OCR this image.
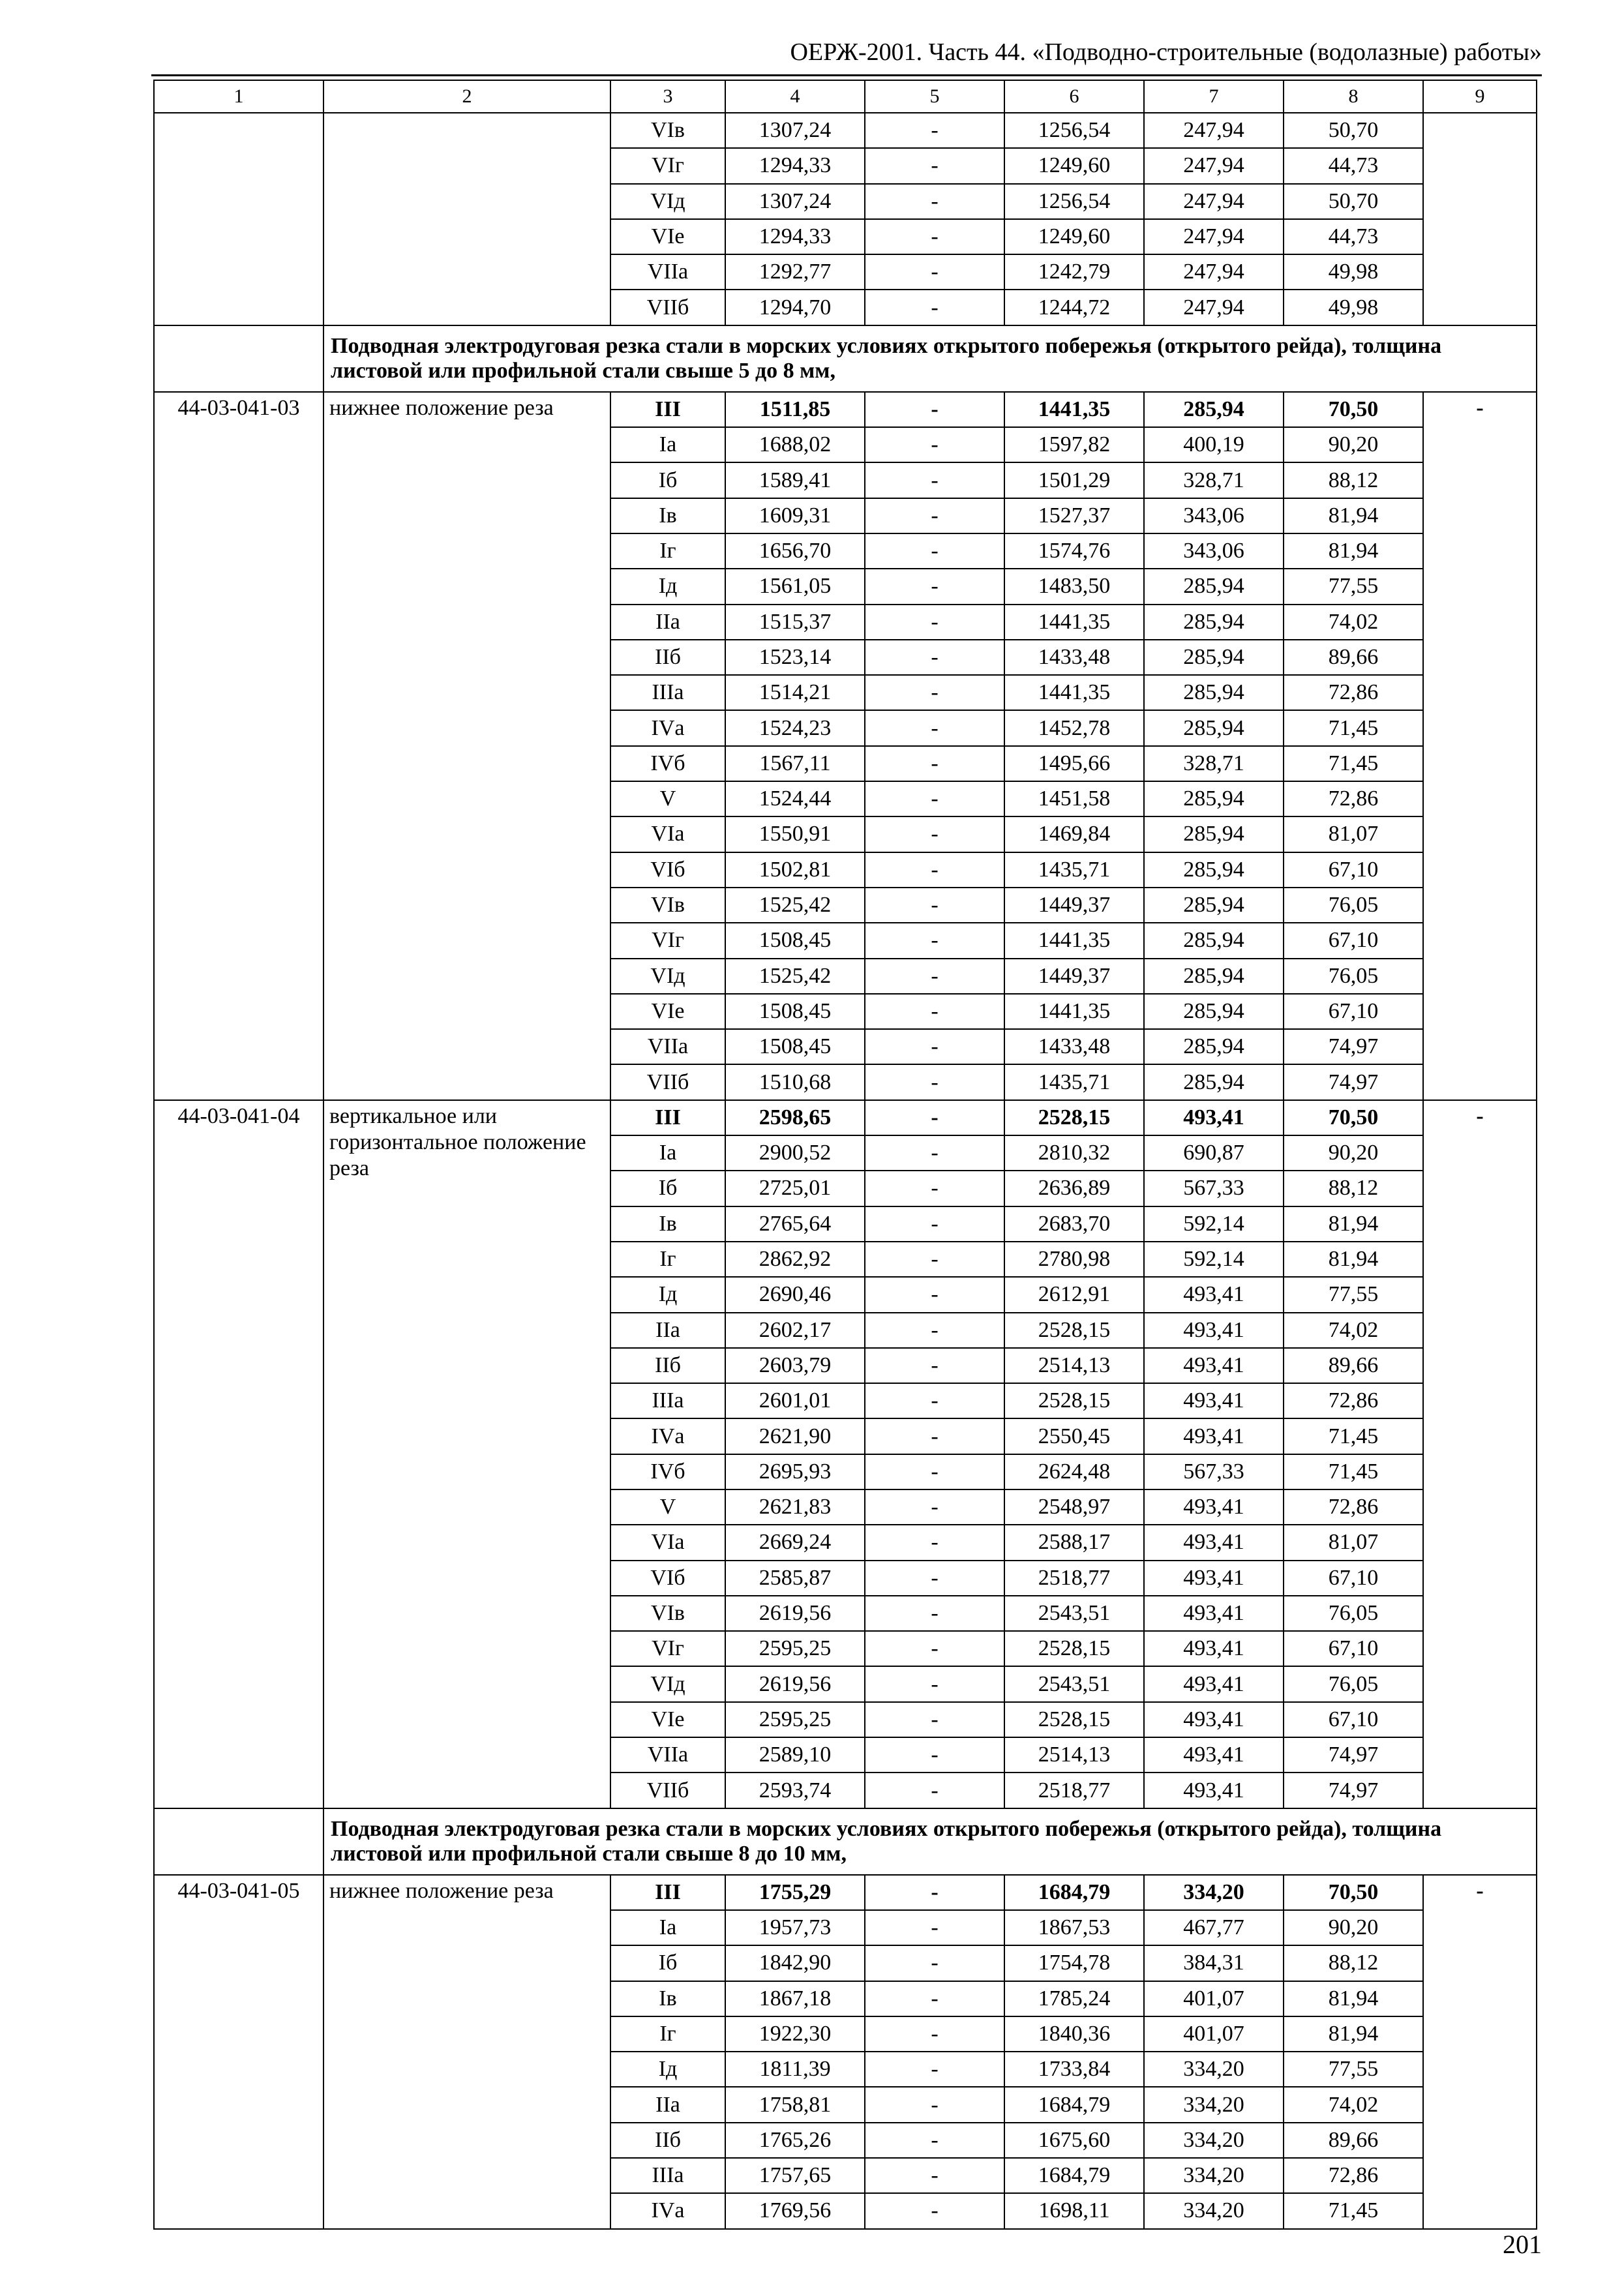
ОЕРЖ-2001. Часть 44. «Подводно-строительные (водолазные) работы»
1	2	3	4	5	6	7	8	9
		VIв	1307,24	-	1256,54	247,94	50,70	
		VIг	1294,33	-	1249,60	247,94	44,73	
		VIд	1307,24	-	1256,54	247,94	50,70	
		VIе	1294,33	-	1249,60	247,94	44,73	
		VIIа	1292,77	-	1242,79	247,94	49,98	
		VIIб	1294,70	-	1244,72	247,94	49,98	
	Подводная электродуговая резка стали в морских условиях открытого побережья (открытого рейда), толщина листовой или профильной стали свыше 5 до 8 мм,							
44-03-041-03	нижнее положение реза	III	1511,85	-	1441,35	285,94	70,50	-
		Iа	1688,02	-	1597,82	400,19	90,20	
		Iб	1589,41	-	1501,29	328,71	88,12	
		Iв	1609,31	-	1527,37	343,06	81,94	
		Iг	1656,70	-	1574,76	343,06	81,94	
		Iд	1561,05	-	1483,50	285,94	77,55	
		IIа	1515,37	-	1441,35	285,94	74,02	
		IIб	1523,14	-	1433,48	285,94	89,66	
		IIIа	1514,21	-	1441,35	285,94	72,86	
		IVа	1524,23	-	1452,78	285,94	71,45	
		IVб	1567,11	-	1495,66	328,71	71,45	
		V	1524,44	-	1451,58	285,94	72,86	
		VIа	1550,91	-	1469,84	285,94	81,07	
		VIб	1502,81	-	1435,71	285,94	67,10	
		VIв	1525,42	-	1449,37	285,94	76,05	
		VIг	1508,45	-	1441,35	285,94	67,10	
		VIд	1525,42	-	1449,37	285,94	76,05	
		VIе	1508,45	-	1441,35	285,94	67,10	
		VIIа	1508,45	-	1433,48	285,94	74,97	
		VIIб	1510,68	-	1435,71	285,94	74,97	
44-03-041-04	вертикальное или горизонтальное положение реза	III	2598,65	-	2528,15	493,41	70,50	-
		Iа	2900,52	-	2810,32	690,87	90,20	
		Iб	2725,01	-	2636,89	567,33	88,12	
		Iв	2765,64	-	2683,70	592,14	81,94	
		Iг	2862,92	-	2780,98	592,14	81,94	
		Iд	2690,46	-	2612,91	493,41	77,55	
		IIа	2602,17	-	2528,15	493,41	74,02	
		IIб	2603,79	-	2514,13	493,41	89,66	
		IIIа	2601,01	-	2528,15	493,41	72,86	
		IVа	2621,90	-	2550,45	493,41	71,45	
		IVб	2695,93	-	2624,48	567,33	71,45	
		V	2621,83	-	2548,97	493,41	72,86	
		VIа	2669,24	-	2588,17	493,41	81,07	
		VIб	2585,87	-	2518,77	493,41	67,10	
		VIв	2619,56	-	2543,51	493,41	76,05	
		VIг	2595,25	-	2528,15	493,41	67,10	
		VIд	2619,56	-	2543,51	493,41	76,05	
		VIе	2595,25	-	2528,15	493,41	67,10	
		VIIа	2589,10	-	2514,13	493,41	74,97	
		VIIб	2593,74	-	2518,77	493,41	74,97	
	Подводная электродуговая резка стали в морских условиях открытого побережья (открытого рейда), толщина листовой или профильной стали свыше 8 до 10 мм,							
44-03-041-05	нижнее положение реза	III	1755,29	-	1684,79	334,20	70,50	-
		Iа	1957,73	-	1867,53	467,77	90,20	
		Iб	1842,90	-	1754,78	384,31	88,12	
		Iв	1867,18	-	1785,24	401,07	81,94	
		Iг	1922,30	-	1840,36	401,07	81,94	
		Iд	1811,39	-	1733,84	334,20	77,55	
		IIа	1758,81	-	1684,79	334,20	74,02	
		IIб	1765,26	-	1675,60	334,20	89,66	
		IIIа	1757,65	-	1684,79	334,20	72,86	
		IVа	1769,56	-	1698,11	334,20	71,45	
201
